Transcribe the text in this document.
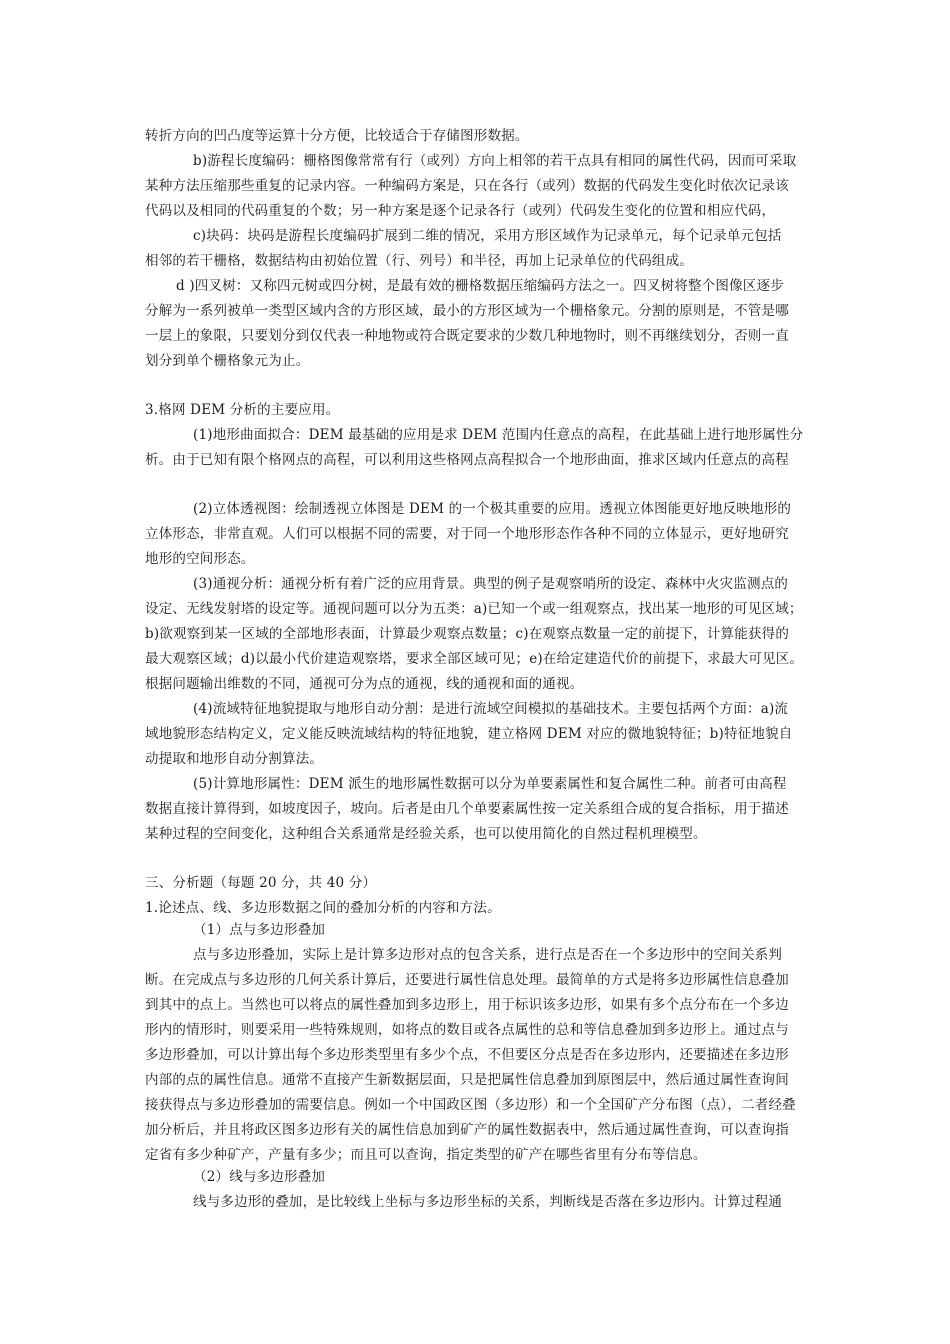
转折方向的凹凸度等运算十分方便，比较适合于存储图形数据。
b)游程长度编码：栅格图像常常有行（或列）方向上相邻的若干点具有相同的属性代码，因而可采取
某种方法压缩那些重复的记录内容。一种编码方案是，只在各行（或列）数据的代码发生变化时依次记录该
代码以及相同的代码重复的个数；另一种方案是逐个记录各行（或列）代码发生变化的位置和相应代码，
c)块码：块码是游程长度编码扩展到二维的情况，采用方形区域作为记录单元，每个记录单元包括
相邻的若干栅格，数据结构由初始位置（行、列号）和半径，再加上记录单位的代码组成。
d )四叉树：又称四元树或四分树，是最有效的栅格数据压缩编码方法之一。四叉树将整个图像区逐步
分解为一系列被单一类型区域内含的方形区域，最小的方形区域为一个栅格象元。分割的原则是，不管是哪
一层上的象限，只要划分到仅代表一种地物或符合既定要求的少数几种地物时，则不再继续划分，否则一直
划分到单个栅格象元为止。
3.格网 DEM 分析的主要应用。
(1)地形曲面拟合：DEM 最基础的应用是求 DEM 范围内任意点的高程，在此基础上进行地形属性分
析。由于已知有限个格网点的高程，可以利用这些格网点高程拟合一个地形曲面，推求区域内任意点的高程
(2)立体透视图：绘制透视立体图是 DEM 的一个极其重要的应用。透视立体图能更好地反映地形的
立体形态，非常直观。人们可以根据不同的需要，对于同一个地形形态作各种不同的立体显示，更好地研究
地形的空间形态。
(3)通视分析：通视分析有着广泛的应用背景。典型的例子是观察哨所的设定、森林中火灾监测点的
设定、无线发射塔的设定等。通视问题可以分为五类：a)已知一个或一组观察点，找出某一地形的可见区域；
b)欲观察到某一区域的全部地形表面，计算最少观察点数量；c)在观察点数量一定的前提下，计算能获得的
最大观察区域；d)以最小代价建造观察塔，要求全部区域可见；e)在给定建造代价的前提下，求最大可见区。
根据问题输出维数的不同，通视可分为点的通视，线的通视和面的通视。
(4)流域特征地貌提取与地形自动分割：是进行流域空间模拟的基础技术。主要包括两个方面：a)流
域地貌形态结构定义，定义能反映流域结构的特征地貌，建立格网 DEM 对应的微地貌特征；b)特征地貌自
动提取和地形自动分割算法。
(5)计算地形属性：DEM 派生的地形属性数据可以分为单要素属性和复合属性二种。前者可由高程
数据直接计算得到，如坡度因子，坡向。后者是由几个单要素属性按一定关系组合成的复合指标，用于描述
某种过程的空间变化，这种组合关系通常是经验关系，也可以使用简化的自然过程机理模型。
三、分析题（每题 20 分，共 40 分）
1.论述点、线、多边形数据之间的叠加分析的内容和方法。
（1）点与多边形叠加
点与多边形叠加，实际上是计算多边形对点的包含关系，进行点是否在一个多边形中的空间关系判
断。在完成点与多边形的几何关系计算后，还要进行属性信息处理。最简单的方式是将多边形属性信息叠加
到其中的点上。当然也可以将点的属性叠加到多边形上，用于标识该多边形，如果有多个点分布在一个多边
形内的情形时，则要采用一些特殊规则，如将点的数目或各点属性的总和等信息叠加到多边形上。通过点与
多边形叠加，可以计算出每个多边形类型里有多少个点，不但要区分点是否在多边形内，还要描述在多边形
内部的点的属性信息。通常不直接产生新数据层面，只是把属性信息叠加到原图层中，然后通过属性查询间
接获得点与多边形叠加的需要信息。例如一个中国政区图（多边形）和一个全国矿产分布图（点），二者经叠
加分析后，并且将政区图多边形有关的属性信息加到矿产的属性数据表中，然后通过属性查询，可以查询指
定省有多少种矿产，产量有多少；而且可以查询，指定类型的矿产在哪些省里有分布等信息。
（2）线与多边形叠加
线与多边形的叠加，是比较线上坐标与多边形坐标的关系，判断线是否落在多边形内。计算过程通
